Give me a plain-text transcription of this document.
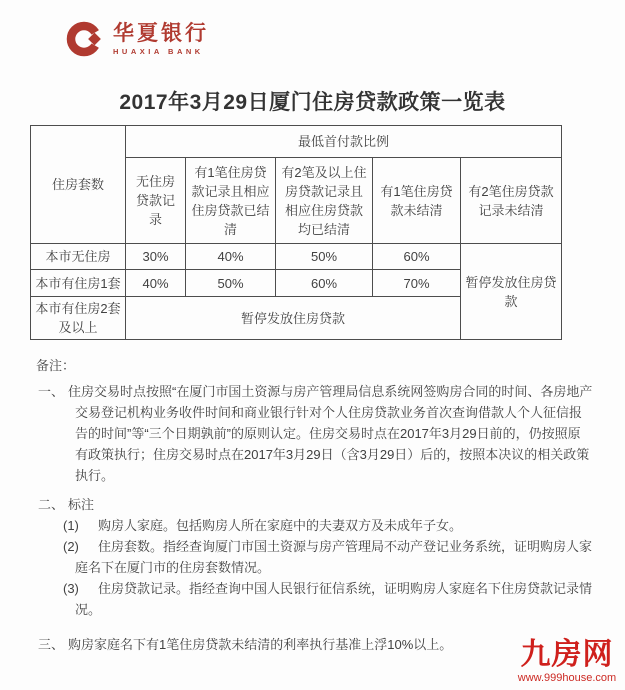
华夏银行
HUAXIA BANK
2017年3月29日厦门住房贷款政策一览表
住房套数	最低首付款比例				
	无住房贷款记录	有1笔住房贷款记录且相应住房贷款已结清	有2笔及以上住房贷款记录且相应住房贷款均已结清	有1笔住房贷款未结清	有2笔住房贷款记录未结清
本市无住房	30%	40%	50%	60%	暂停发放住房贷款
本市有住房1套	40%	50%	60%	70%	
本市有住房2套及以上	暂停发放住房贷款				
备注：
一、 住房交易时点按照“在厦门市国土资源与房产管理局信息系统网签购房合同的时间、各房地产交易登记机构业务收件时间和商业银行针对个人住房贷款业务首次查询借款人个人征信报告的时间”等“三个日期孰前”的原则认定。住房交易时点在2017年3月29日前的，仍按照原有政策执行；住房交易时点在2017年3月29日（含3月29日）后的，按照本决议的相关政策执行。
二、 标注
(1)	购房人家庭。包括购房人所在家庭中的夫妻双方及未成年子女。
(2)	住房套数。指经查询厦门市国土资源与房产管理局不动产登记业务系统，证明购房人家庭名下在厦门市的住房套数情况。
(3)	住房贷款记录。指经查询中国人民银行征信系统，证明购房人家庭名下住房贷款记录情况。
三、 购房家庭名下有1笔住房贷款未结清的利率执行基准上浮10%以上。	九房网
www.999house.com
